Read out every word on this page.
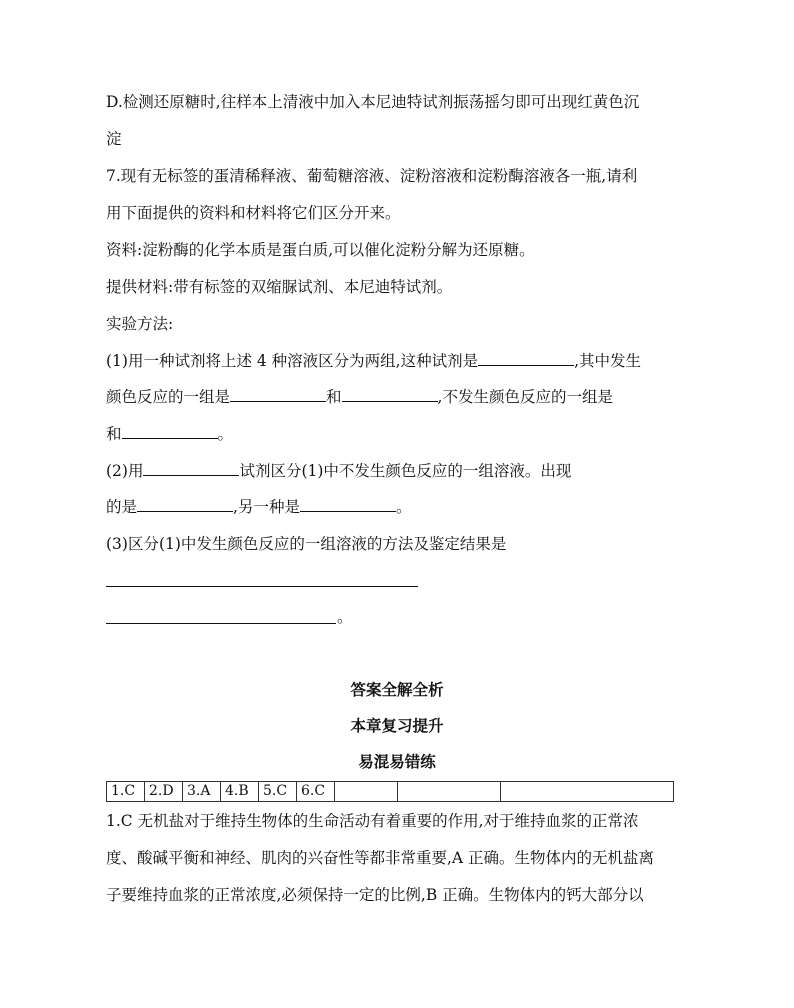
D.检测还原糖时,往样本上清液中加入本尼迪特试剂振荡摇匀即可出现红黄色沉
淀
7.现有无标签的蛋清稀释液、葡萄糖溶液、淀粉溶液和淀粉酶溶液各一瓶,请利
用下面提供的资料和材料将它们区分开来。
资料:淀粉酶的化学本质是蛋白质,可以催化淀粉分解为还原糖。
提供材料:带有标签的双缩脲试剂、本尼迪特试剂。
实验方法:
(1)用一种试剂将上述 4 种溶液区分为两组,这种试剂是	,其中发生
颜色反应的一组是	和	,不发生颜色反应的一组是
和	。
(2)用	试剂区分(1)中不发生颜色反应的一组溶液。出现
的是	,另一种是	。
(3)区分(1)中发生颜色反应的一组溶液的方法及鉴定结果是
。
答案全解全析
本章复习提升
易混易错练
1.C	2.D	3.A	4.B	5.C	6.C			
1.C 无机盐对于维持生物体的生命活动有着重要的作用,对于维持血浆的正常浓
度、酸碱平衡和神经、肌肉的兴奋性等都非常重要,A 正确。生物体内的无机盐离
子要维持血浆的正常浓度,必须保持一定的比例,B 正确。生物体内的钙大部分以
